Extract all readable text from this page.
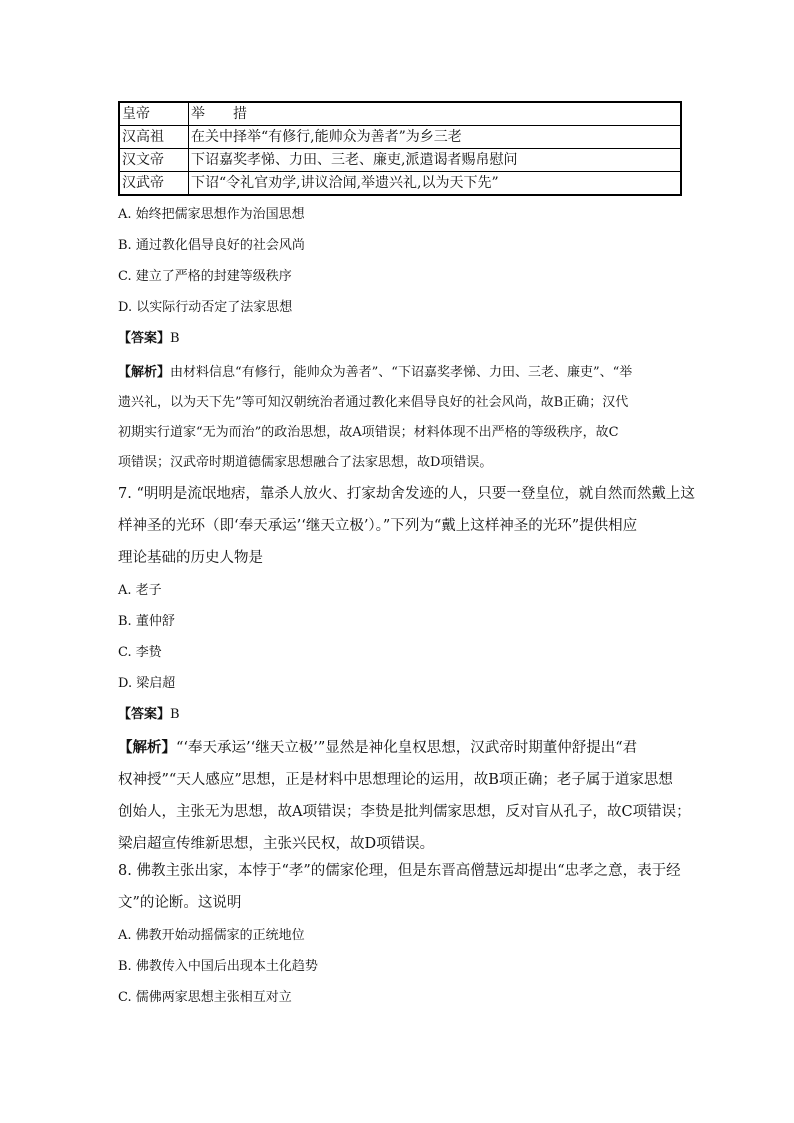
皇帝	举　　措
汉高祖	在关中择举“有修行,能帅众为善者”为乡三老
汉文帝	下诏嘉奖孝悌、力田、三老、廉吏,派遣谒者赐帛慰问
汉武帝	下诏“令礼官劝学,讲议洽闻,举遗兴礼,以为天下先”
A. 始终把儒家思想作为治国思想
B. 通过教化倡导良好的社会风尚
C. 建立了严格的封建等级秩序
D. 以实际行动否定了法家思想
【答案】B
【解析】由材料信息“有修行，能帅众为善者”、“下诏嘉奖孝悌、力田、三老、廉吏”、“举
遗兴礼，以为天下先”等可知汉朝统治者通过教化来倡导良好的社会风尚，故B正确；汉代
初期实行道家“无为而治”的政治思想，故A项错误；材料体现不出严格的等级秩序，故C
项错误；汉武帝时期道德儒家思想融合了法家思想，故D项错误。
7. “明明是流氓地痞，靠杀人放火、打家劫舍发迹的人，只要一登皇位，就自然而然戴上这
样神圣的光环（即‘奉天承运’‘继天立极’）。”下列为“戴上这样神圣的光环”提供相应
理论基础的历史人物是
A. 老子
B. 董仲舒
C. 李贽
D. 梁启超
【答案】B
【解析】“‘奉天承运’‘继天立极’”显然是神化皇权思想，汉武帝时期董仲舒提出“君
权神授”“天人感应”思想，正是材料中思想理论的运用，故B项正确；老子属于道家思想
创始人，主张无为思想，故A项错误；李贽是批判儒家思想，反对盲从孔子，故C项错误；
梁启超宣传维新思想，主张兴民权，故D项错误。
8. 佛教主张出家，本悖于“孝”的儒家伦理，但是东晋高僧慧远却提出“忠孝之意，表于经
文”的论断。这说明
A. 佛教开始动摇儒家的正统地位
B. 佛教传入中国后出现本土化趋势
C. 儒佛两家思想主张相互对立
